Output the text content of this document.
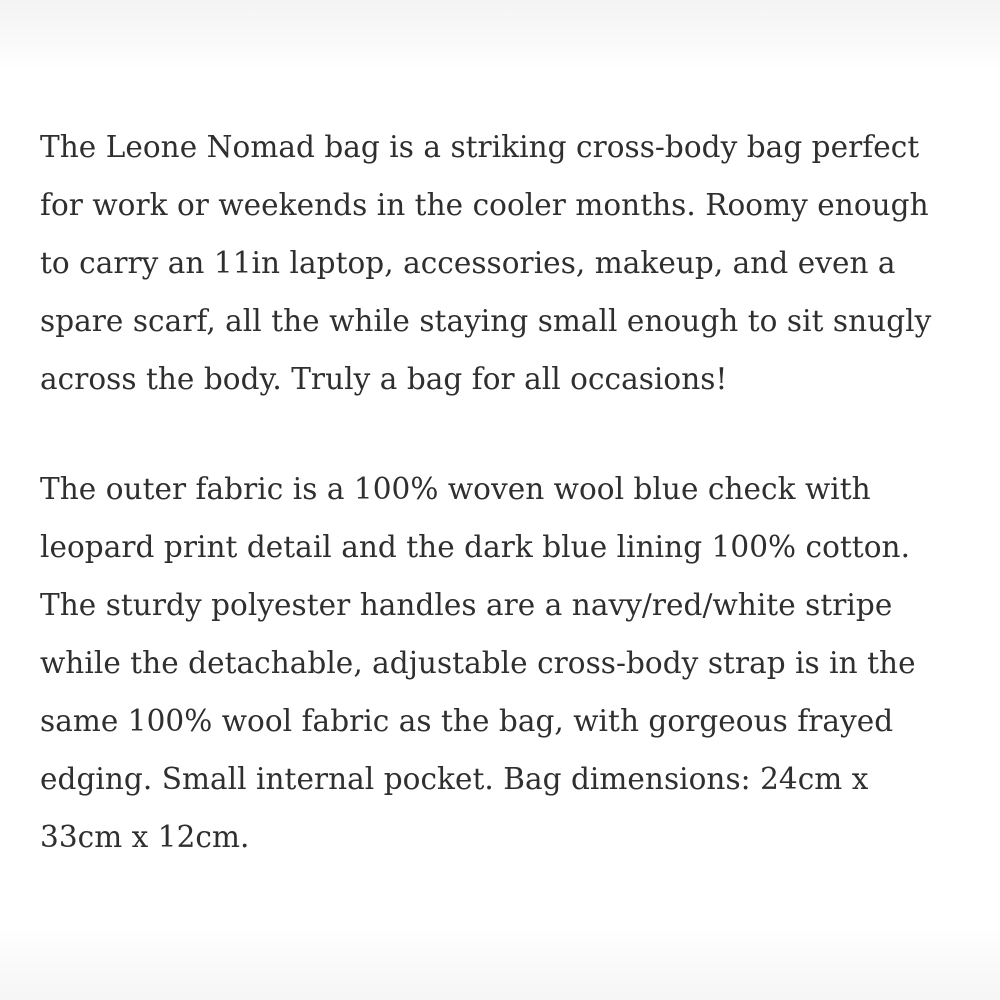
The Leone Nomad bag is a striking cross-body bag perfect
for work or weekends in the cooler months. Roomy enough
to carry an 11in laptop, accessories, makeup, and even a
spare scarf, all the while staying small enough to sit snugly
across the body. Truly a bag for all occasions!

The outer fabric is a 100% woven wool blue check with
leopard print detail and the dark blue lining 100% cotton.
The sturdy polyester handles are a navy/red/white stripe
while the detachable, adjustable cross-body strap is in the
same 100% wool fabric as the bag, with gorgeous frayed
edging. Small internal pocket. Bag dimensions: 24cm x
33cm x 12cm.
